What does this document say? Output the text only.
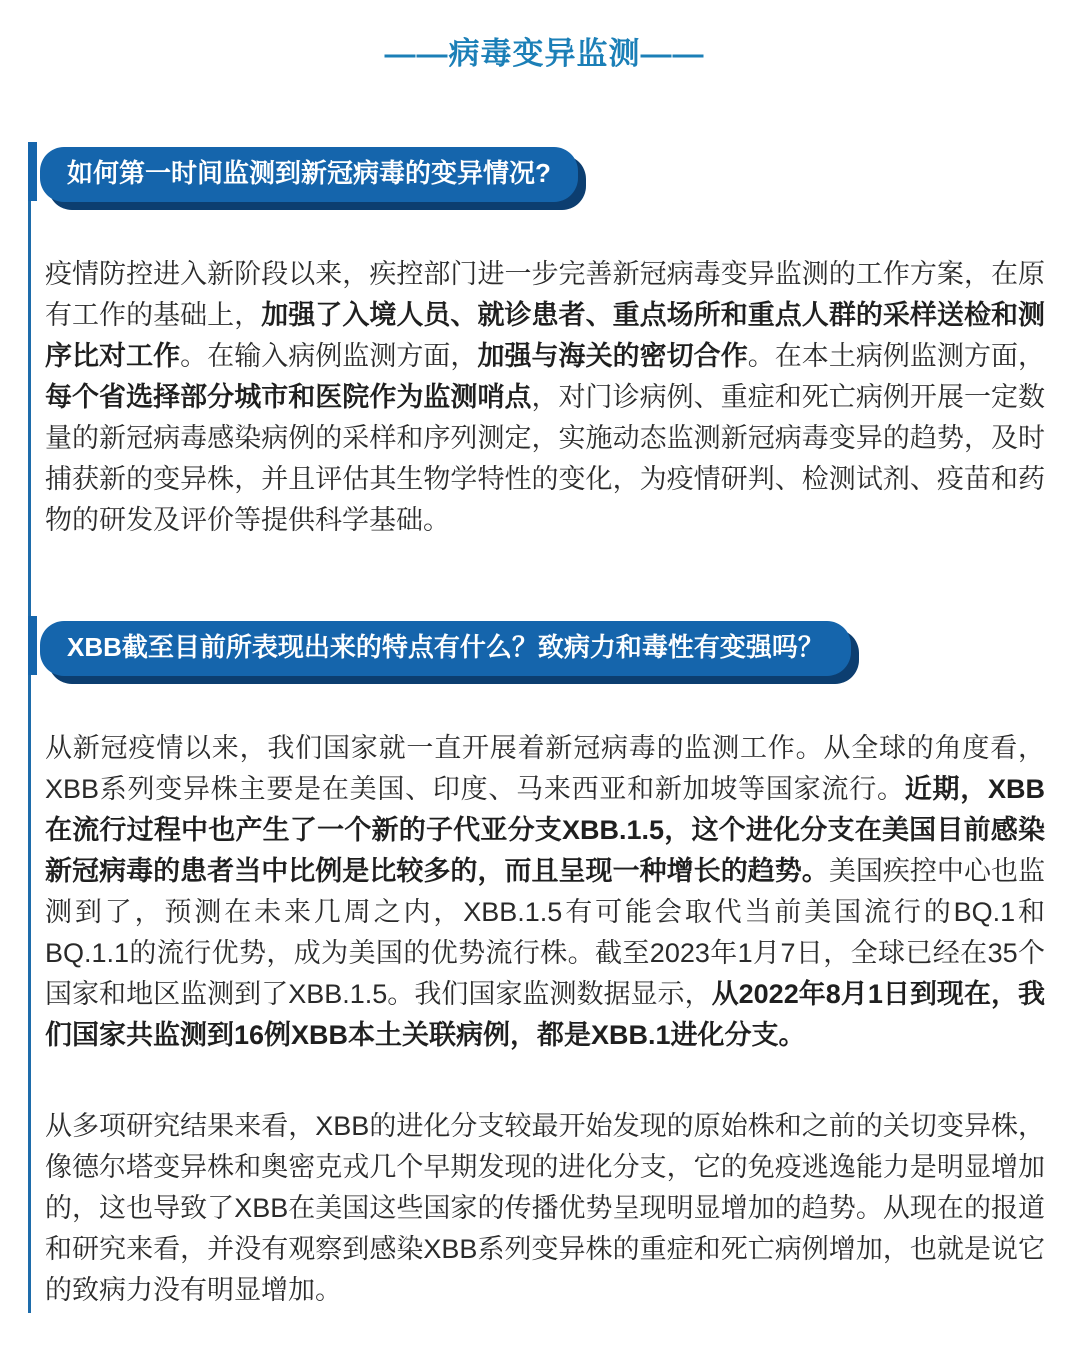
——病毒变异监测——
如何第一时间监测到新冠病毒的变异情况?

疫情防控进入新阶段以来，疾控部门进一步完善新冠病毒变异监测的工作方案，在原有工作的基础上，加强了入境人员、就诊患者、重点场所和重点人群的采样送检和测序比对工作。在输入病例监测方面，加强与海关的密切合作。在本土病例监测方面，每个省选择部分城市和医院作为监测哨点，对门诊病例、重症和死亡病例开展一定数量的新冠病毒感染病例的采样和序列测定，实施动态监测新冠病毒变异的趋势，及时捕获新的变异株，并且评估其生物学特性的变化，为疫情研判、检测试剂、疫苗和药物的研发及评价等提供科学基础。

XBB截至目前所表现出来的特点有什么？致病力和毒性有变强吗？

从新冠疫情以来，我们国家就一直开展着新冠病毒的监测工作。从全球的角度看，XBB系列变异株主要是在美国、印度、马来西亚和新加坡等国家流行。近期，XBB在流行过程中也产生了一个新的子代亚分支XBB.1.5，这个进化分支在美国目前感染新冠病毒的患者当中比例是比较多的，而且呈现一种增长的趋势。美国疾控中心也监测到了，预测在未来几周之内，XBB.1.5有可能会取代当前美国流行的BQ.1和BQ.1.1的流行优势，成为美国的优势流行株。截至2023年1月7日，全球已经在35个国家和地区监测到了XBB.1.5。我们国家监测数据显示，从2022年8月1日到现在，我们国家共监测到16例XBB本土关联病例，都是XBB.1进化分支。

从多项研究结果来看，XBB的进化分支较最开始发现的原始株和之前的关切变异株，像德尔塔变异株和奥密克戎几个早期发现的进化分支，它的免疫逃逸能力是明显增加的，这也导致了XBB在美国这些国家的传播优势呈现明显增加的趋势。从现在的报道和研究来看，并没有观察到感染XBB系列变异株的重症和死亡病例增加，也就是说它的致病力没有明显增加。
